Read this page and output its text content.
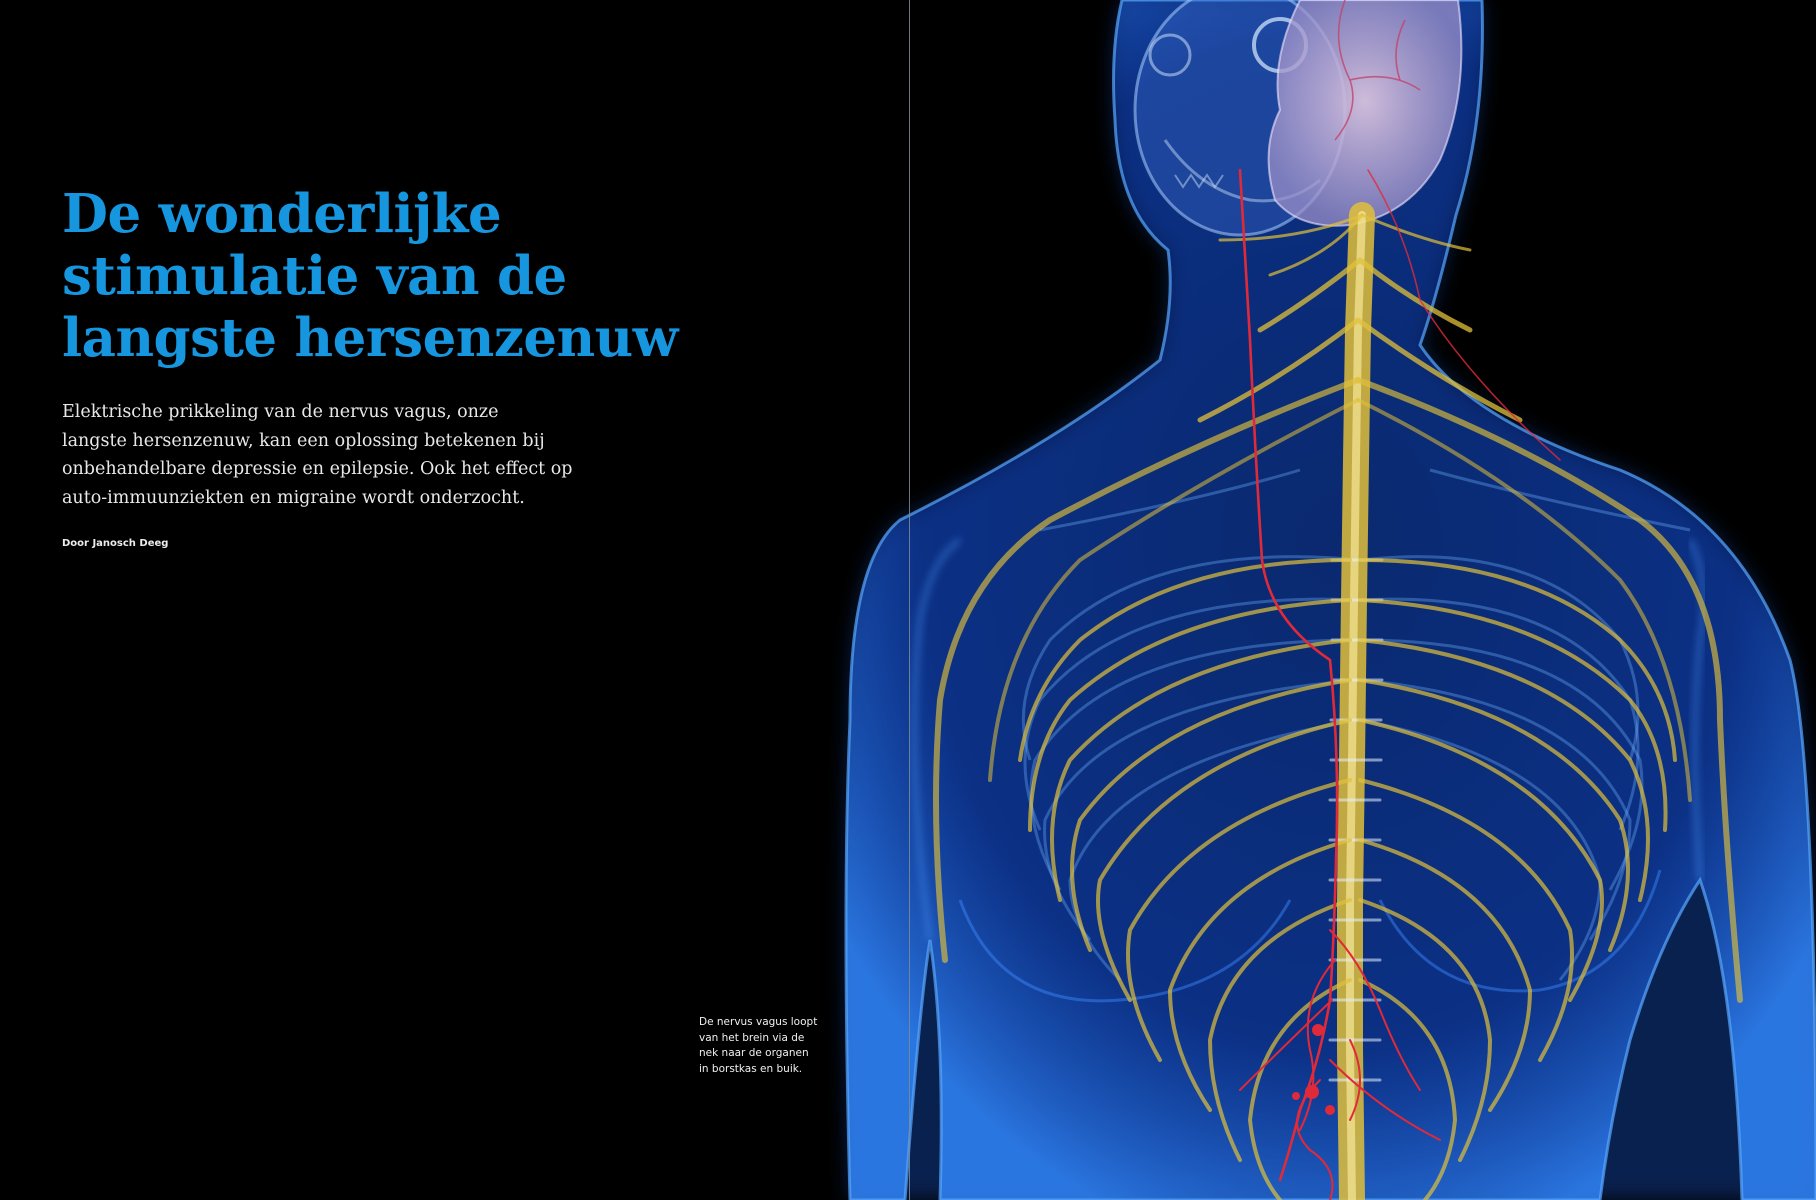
De wonderlijke
stimulatie van de
langste hersenzenuw

Elektrische prikkeling van de nervus vagus, onze
langste hersenzenuw, kan een oplossing betekenen bij
onbehandelbare depressie en epilepsie. Ook het effect op
auto-immuunziekten en migraine wordt onderzocht.

Door Janosch Deeg

De nervus vagus loopt
van het brein via de
nek naar de organen
in borstkas en buik.
